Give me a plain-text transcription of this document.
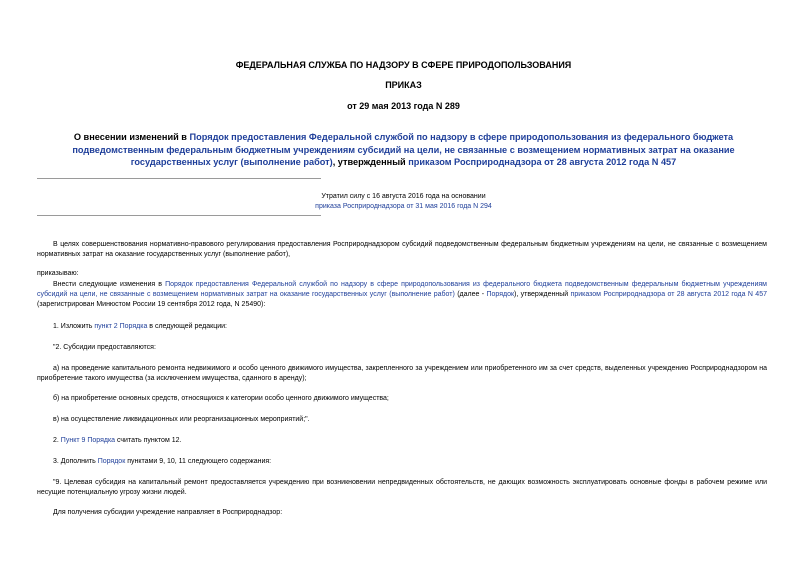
ФЕДЕРАЛЬНАЯ СЛУЖБА ПО НАДЗОРУ В СФЕРЕ ПРИРОДОПОЛЬЗОВАНИЯ
ПРИКАЗ
от 29 мая 2013 года N 289
О внесении изменений в Порядок предоставления Федеральной службой по надзору в сфере природопользования из федерального бюджета подведомственным федеральным бюджетным учреждениям субсидий на цели, не связанные с возмещением нормативных затрат на оказание государственных услуг (выполнение работ), утвержденный приказом Росприроднадзора от 28 августа 2012 года N 457
Утратил силу с 16 августа 2016 года на основании
приказа Росприроднадзора от 31 мая 2016 года N 294
В целях совершенствования нормативно-правового регулирования предоставления Росприроднадзором субсидий подведомственным федеральным бюджетным учреждениям на цели, не связанные с возмещением нормативных затрат на оказание государственных услуг (выполнение работ),
приказываю:
Внести следующие изменения в Порядок предоставления Федеральной службой по надзору в сфере природопользования из федерального бюджета подведомственным федеральным бюджетным учреждениям субсидий на цели, не связанные с возмещением нормативных затрат на оказание государственных услуг (выполнение работ) (далее - Порядок), утвержденный приказом Росприроднадзора от 28 августа 2012 года N 457 (зарегистрирован Минюстом России 19 сентября 2012 года, N 25490):
1. Изложить пункт 2 Порядка в следующей редакции:
"2. Субсидии предоставляются:
а) на проведение капитального ремонта недвижимого и особо ценного движимого имущества, закрепленного за учреждением или приобретенного им за счет средств, выделенных учреждению Росприроднадзором на приобретение такого имущества (за исключением имущества, сданного в аренду);
б) на приобретение основных средств, относящихся к категории особо ценного движимого имущества;
в) на осуществление ликвидационных или реорганизационных мероприятий;".
2. Пункт 9 Порядка считать пунктом 12.
3. Дополнить Порядок пунктами 9, 10, 11 следующего содержания:
"9. Целевая субсидия на капитальный ремонт предоставляется учреждению при возникновении непредвиденных обстоятельств, не дающих возможность эксплуатировать основные фонды в рабочем режиме или несущие потенциальную угрозу жизни людей.
Для получения субсидии учреждение направляет в Росприроднадзор:
